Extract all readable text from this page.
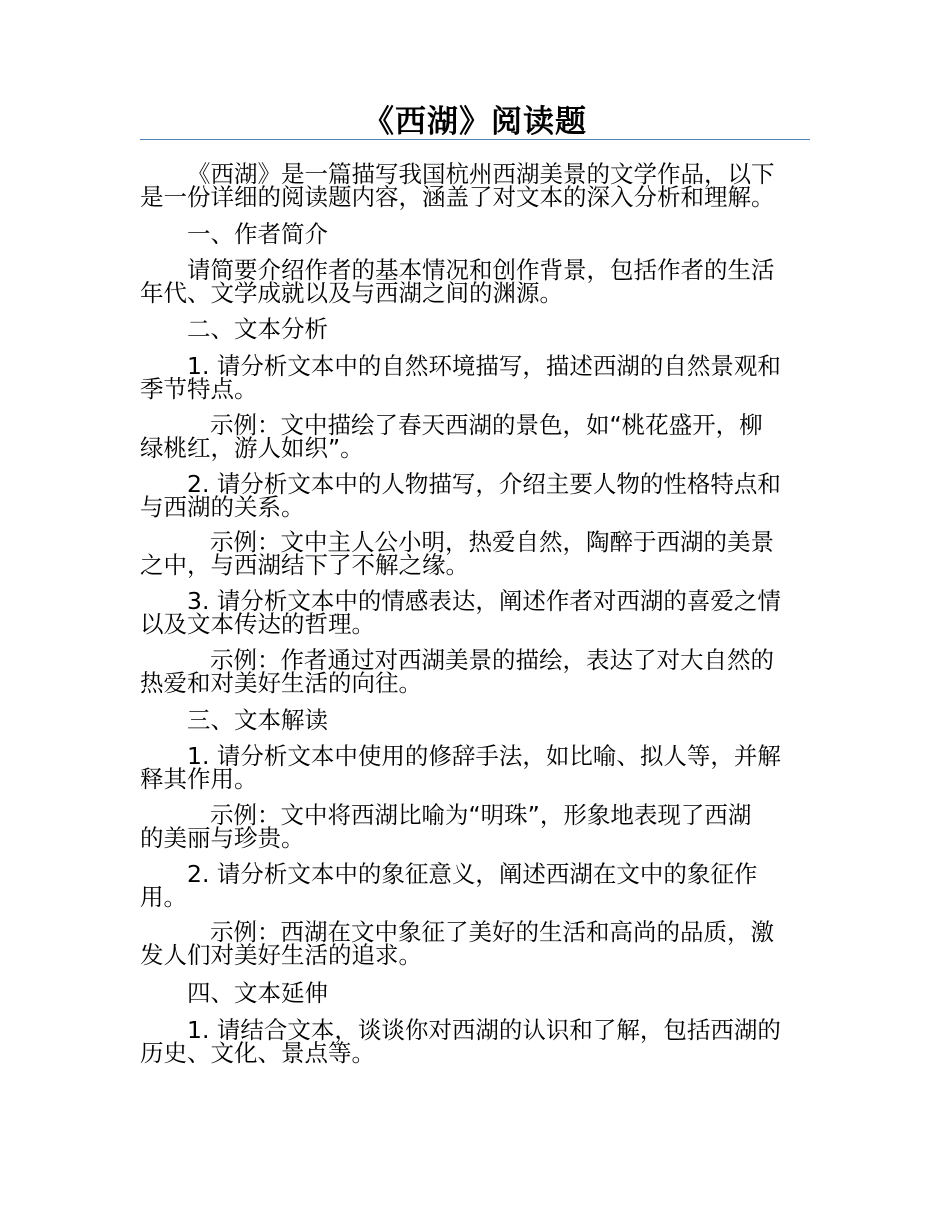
《西湖》阅读题
《西湖》是一篇描写我国杭州西湖美景的文学作品，以下
是一份详细的阅读题内容，涵盖了对文本的深入分析和理解。
一、作者简介
请简要介绍作者的基本情况和创作背景，包括作者的生活
年代、文学成就以及与西湖之间的渊源。
二、文本分析
1. 请分析文本中的自然环境描写，描述西湖的自然景观和
季节特点。
示例：文中描绘了春天西湖的景色，如“桃花盛开，柳
绿桃红，游人如织”。
2. 请分析文本中的人物描写，介绍主要人物的性格特点和
与西湖的关系。
示例：文中主人公小明，热爱自然，陶醉于西湖的美景
之中，与西湖结下了不解之缘。
3. 请分析文本中的情感表达，阐述作者对西湖的喜爱之情
以及文本传达的哲理。
示例：作者通过对西湖美景的描绘，表达了对大自然的
热爱和对美好生活的向往。
三、文本解读
1. 请分析文本中使用的修辞手法，如比喻、拟人等，并解
释其作用。
示例：文中将西湖比喻为“明珠”，形象地表现了西湖
的美丽与珍贵。
2. 请分析文本中的象征意义，阐述西湖在文中的象征作
用。
示例：西湖在文中象征了美好的生活和高尚的品质，激
发人们对美好生活的追求。
四、文本延伸
1. 请结合文本，谈谈你对西湖的认识和了解，包括西湖的
历史、文化、景点等。
